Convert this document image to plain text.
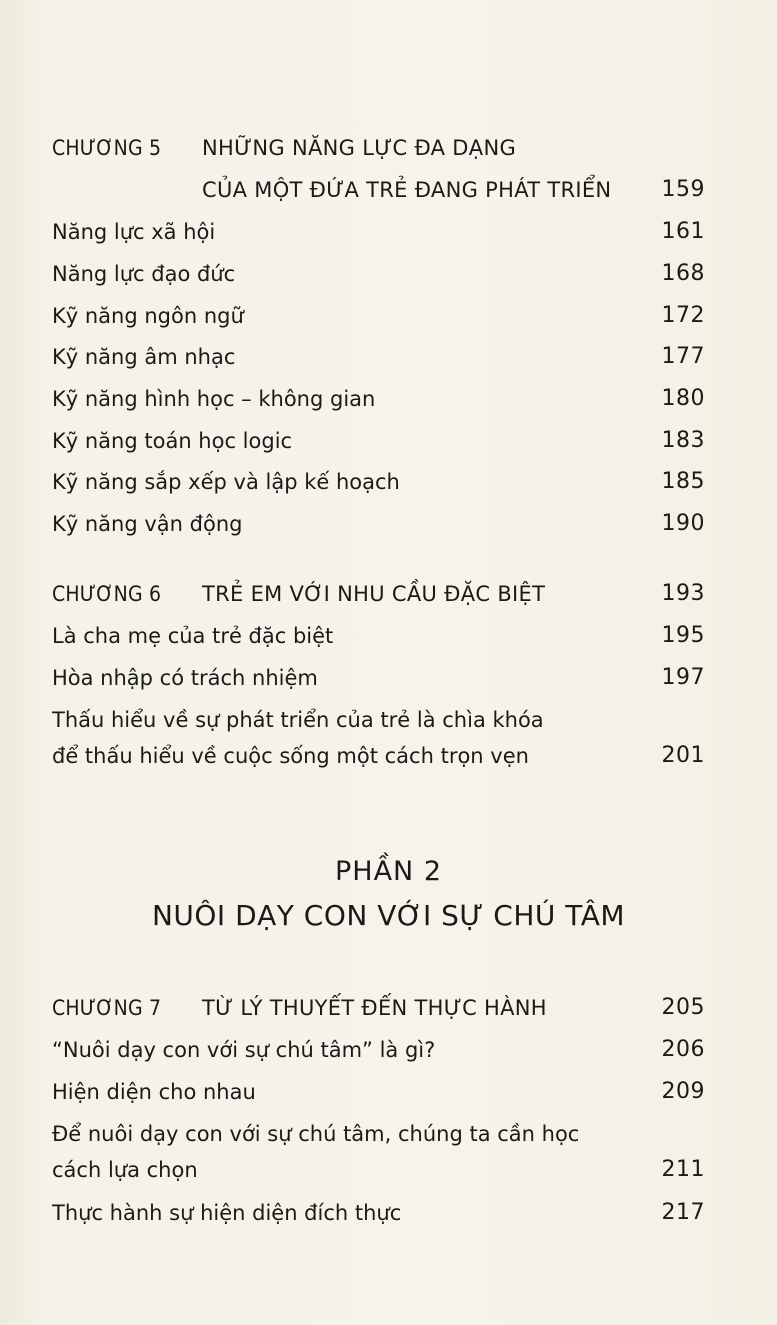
CHƯƠNG 5 NHỮNG NĂNG LỰC ĐA DẠNG
CỦA MỘT ĐỨA TRẺ ĐANG PHÁT TRIỂN 159
Năng lực xã hội	161
Năng lực đạo đức	168
Kỹ năng ngôn ngữ	172
Kỹ năng âm nhạc	177
Kỹ năng hình học – không gian	180
Kỹ năng toán học logic	183
Kỹ năng sắp xếp và lập kế hoạch	185
Kỹ năng vận động	190
CHƯƠNG 6 TRẺ EM VỚI NHU CẦU ĐẶC BIỆT	193
Là cha mẹ của trẻ đặc biệt	195
Hòa nhập có trách nhiệm	197
Thấu hiểu về sự phát triển của trẻ là chìa khóa
để thấu hiểu về cuộc sống một cách trọn vẹn	201
PHẦN 2
NUÔI DẠY CON VỚI SỰ CHÚ TÂM
CHƯƠNG 7 TỪ LÝ THUYẾT ĐẾN THỰC HÀNH	205
“Nuôi dạy con với sự chú tâm” là gì?	206
Hiện diện cho nhau	209
Để nuôi dạy con với sự chú tâm, chúng ta cần học
cách lựa chọn	211
Thực hành sự hiện diện đích thực	217
